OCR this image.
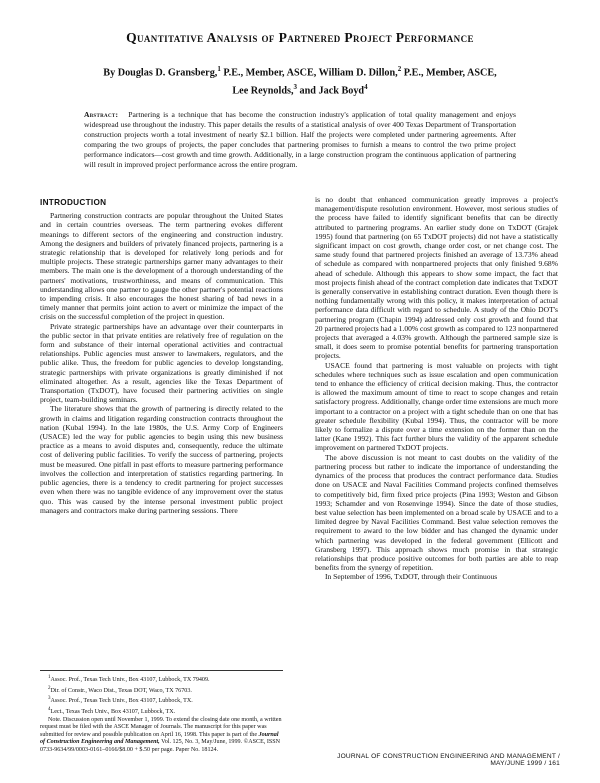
Quantitative Analysis of Partnered Project Performance
By Douglas D. Gransberg,$^1$ P.E., Member, ASCE, William D. Dillon,$^2$ P.E., Member, ASCE,
Lee Reynolds,$^3$ and Jack Boyd$^4$
Abstract: Partnering is a technique that has become the construction industry's application of total quality management and enjoys widespread use throughout the industry. This paper details the results of a statistical analysis of over 400 Texas Department of Transportation construction projects worth a total investment of nearly $2.1 billion. Half the projects were completed under partnering agreements. After comparing the two groups of projects, the paper concludes that partnering promises to furnish a means to control the two prime project performance indicators—cost growth and time growth. Additionally, in a large construction program the continuous application of partnering will result in improved project performance across the entire program.
INTRODUCTION

Partnering construction contracts are popular throughout the United States and in certain countries overseas. The term partnering evokes different meanings to different sectors of the engineering and construction industry. Among the designers and builders of privately financed projects, partnering is a strategic relationship that is developed for relatively long periods and for multiple projects. These strategic partnerships garner many advantages to their members. The main one is the development of a thorough understanding of the partners' motivations, trustworthiness, and means of communication. This understanding allows one partner to gauge the other partner's potential reactions to impending crisis. It also encourages the honest sharing of bad news in a timely manner that permits joint action to avert or minimize the impact of the crisis on the successful completion of the project in question.

Private strategic partnerships have an advantage over their counterparts in the public sector in that private entities are relatively free of regulation on the form and substance of their internal operational activities and contractual relationships. Public agencies must answer to lawmakers, regulators, and the public alike. Thus, the freedom for public agencies to develop longstanding, strategic partnerships with private organizations is greatly diminished if not eliminated altogether. As a result, agencies like the Texas Department of Transportation (TxDOT), have focused their partnering activities on single project, team-building seminars.

The literature shows that the growth of partnering is directly related to the growth in claims and litigation regarding construction contracts throughout the nation (Kubal 1994). In the late 1980s, the U.S. Army Corp of Engineers (USACE) led the way for public agencies to begin using this new business practice as a means to avoid disputes and, consequently, reduce the ultimate cost of delivering public facilities. To verify the success of partnering, projects must be measured. One pitfall in past efforts to measure partnering performance involves the collection and interpretation of statistics regarding partnering. In public agencies, there is a tendency to credit partnering for project successes even when there was no tangible evidence of any improvement over the status quo. This was caused by the intense personal investment public project managers and contractors make during partnering sessions. There

is no doubt that enhanced communication greatly improves a project's management/dispute resolution environment. However, most serious studies of the process have failed to identify significant benefits that can be directly attributed to partnering programs. An earlier study done on TxDOT (Grajek 1995) found that partnering (on 65 TxDOT projects) did not have a statistically significant impact on cost growth, change order cost, or net change cost. The same study found that partnered projects finished an average of 13.73% ahead of schedule as compared with nonpartnered projects that only finished 9.68% ahead of schedule. Although this appears to show some impact, the fact that most projects finish ahead of the contract completion date indicates that TxDOT is generally conservative in establishing contract duration. Even though there is nothing fundamentally wrong with this policy, it makes interpretation of actual performance data difficult with regard to schedule. A study of the Ohio DOT's partnering program (Chapin 1994) addressed only cost growth and found that 20 partnered projects had a 1.00% cost growth as compared to 123 nonpartnered projects that averaged a 4.03% growth. Although the partnered sample size is small, it does seem to promise potential benefits for partnering transportation projects.

USACE found that partnering is most valuable on projects with tight schedules where techniques such as issue escalation and open communication tend to enhance the efficiency of critical decision making. Thus, the contractor is allowed the maximum amount of time to react to scope changes and retain satisfactory progress. Additionally, change order time extensions are much more important to a contractor on a project with a tight schedule than on one that has greater schedule flexibility (Kubal 1994). Thus, the contractor will be more likely to formalize a dispute over a time extension on the former than on the latter (Kane 1992). This fact further blurs the validity of the apparent schedule improvement on partnered TxDOT projects.

The above discussion is not meant to cast doubts on the validity of the partnering process but rather to indicate the importance of understanding the dynamics of the process that produces the contract performance data. Studies done on USACE and Naval Facilities Command projects confined themselves to competitively bid, firm fixed price projects (Pina 1993; Weston and Gibson 1993; Schamder and von Rosenvinge 1994). Since the date of those studies, best value selection has been implemented on a broad scale by USACE and to a limited degree by Naval Facilities Command. Best value selection removes the requirement to award to the low bidder and has changed the dynamic under which partnering was developed in the federal government (Ellicott and Gransberg 1997). This approach shows much promise in that strategic relationships that produce positive outcomes for both parties are able to reap benefits from the synergy of repetition.

In September of 1996, TxDOT, through their Continuous

$^1$Assoc. Prof., Texas Tech Univ., Box 43107, Lubbock, TX 79409.

$^2$Dir. of Constr., Waco Dist., Texas DOT, Waco, TX 76703.

$^3$Assoc. Prof., Texas Tech Univ., Box 43107, Lubbock, TX.

$^4$Lect., Texas Tech Univ., Box 43107, Lubbock, TX.

Note. Discussion open until November 1, 1999. To extend the closing date one month, a written request must be filed with the ASCE Manager of Journals. The manuscript for this paper was submitted for review and possible publication on April 16, 1998. This paper is part of the Journal of Construction Engineering and Management, Vol. 125, No. 3, May/June, 1999. ©ASCE, ISSN 0733-9634/99/0003-0161–0166/$8.00 + $.50 per page. Paper No. 18124.

JOURNAL OF CONSTRUCTION ENGINEERING AND MANAGEMENT / MAY/JUNE 1999 / 161
